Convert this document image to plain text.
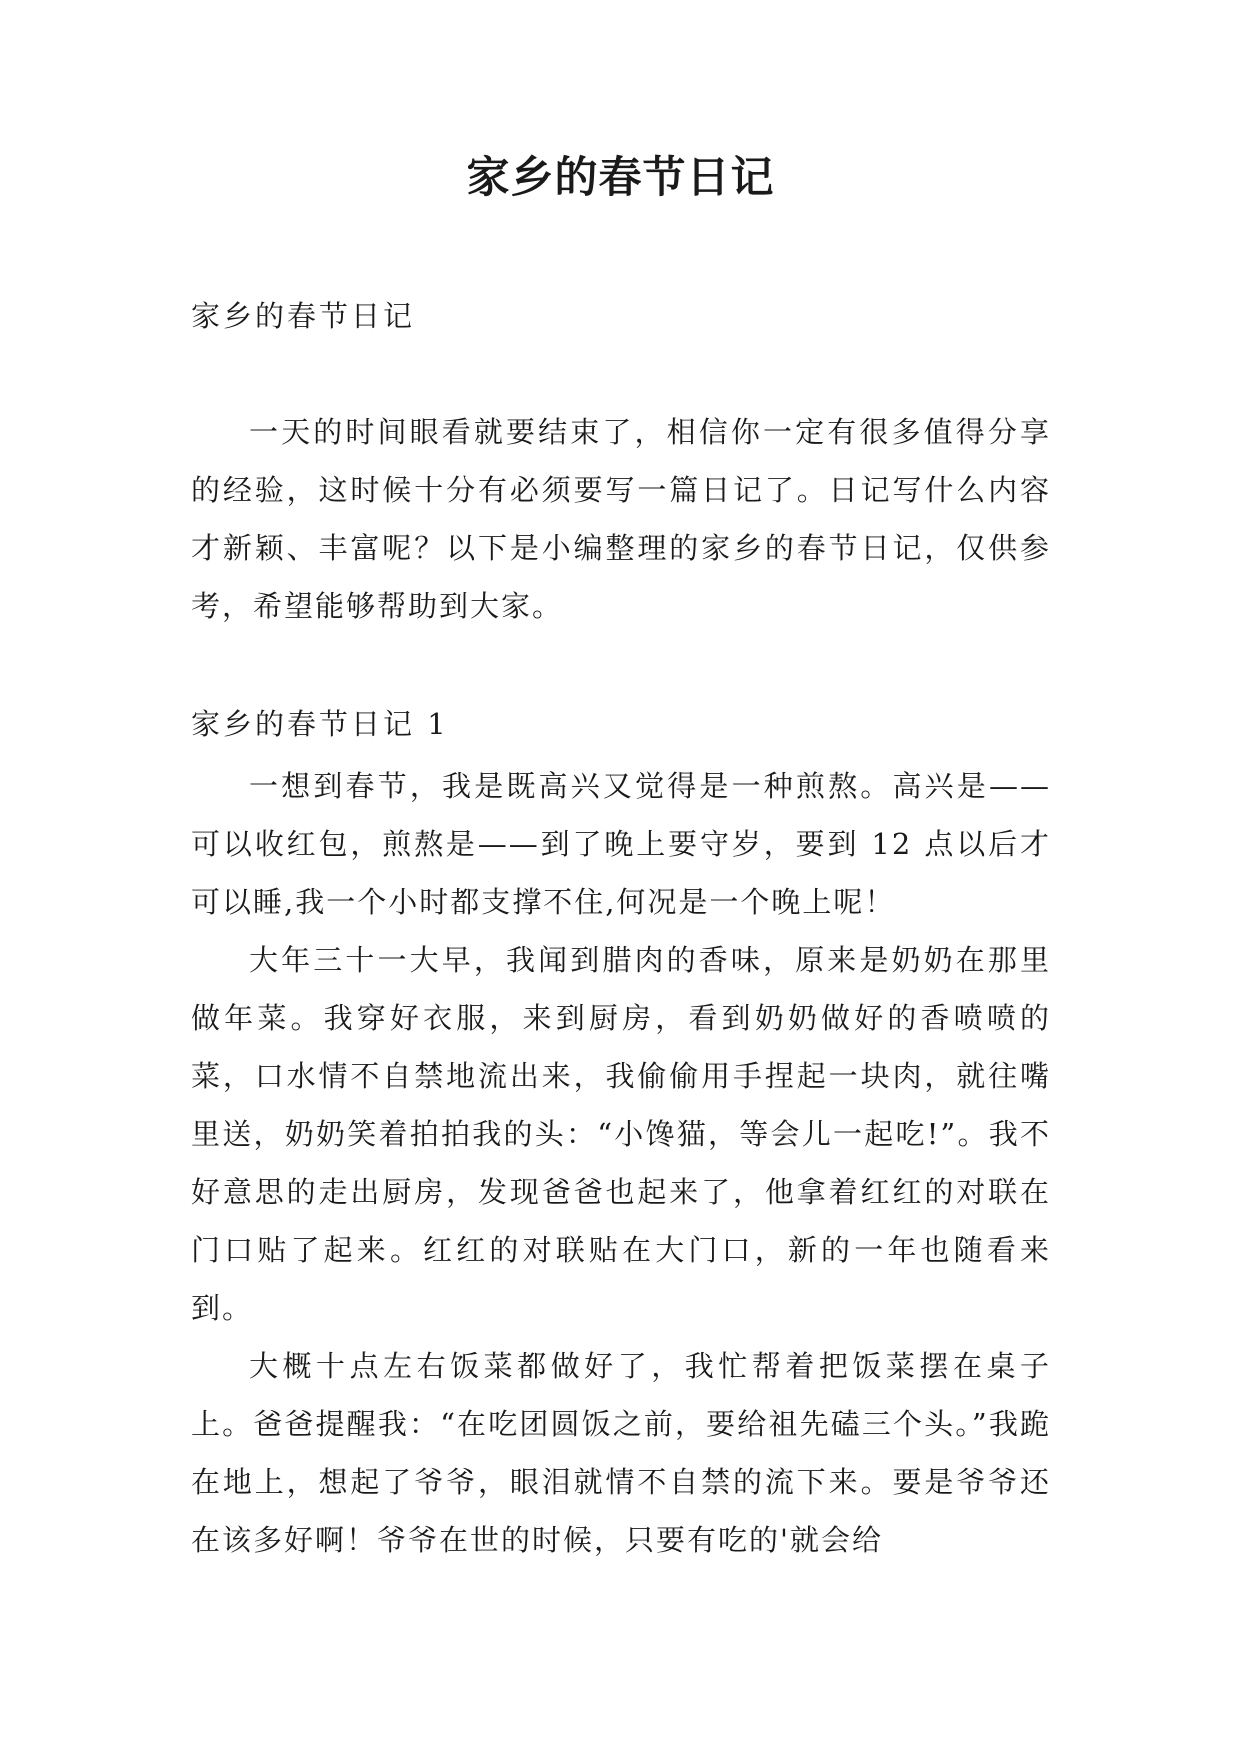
家乡的春节日记

家乡的春节日记

一天的时间眼看就要结束了，相信你一定有很多值得分享的经验，这时候十分有必须要写一篇日记了。日记写什么内容才新颖、丰富呢？以下是小编整理的家乡的春节日记，仅供参考，希望能够帮助到大家。

家乡的春节日记 1

一想到春节，我是既高兴又觉得是一种煎熬。高兴是——可以收红包，煎熬是——到了晚上要守岁，要到 12 点以后才可以睡,我一个小时都支撑不住,何况是一个晚上呢！

大年三十一大早，我闻到腊肉的香味，原来是奶奶在那里做年菜。我穿好衣服，来到厨房，看到奶奶做好的香喷喷的菜，口水情不自禁地流出来，我偷偷用手捏起一块肉，就往嘴里送，奶奶笑着拍拍我的头：“小馋猫，等会儿一起吃!”。我不好意思的走出厨房，发现爸爸也起来了，他拿着红红的对联在门口贴了起来。红红的对联贴在大门口，新的一年也随看来到。

大概十点左右饭菜都做好了，我忙帮着把饭菜摆在桌子上。爸爸提醒我：“在吃团圆饭之前，要给祖先磕三个头。”我跪在地上，想起了爷爷，眼泪就情不自禁的流下来。要是爷爷还在该多好啊！爷爷在世的时候，只要有吃的'就会给
